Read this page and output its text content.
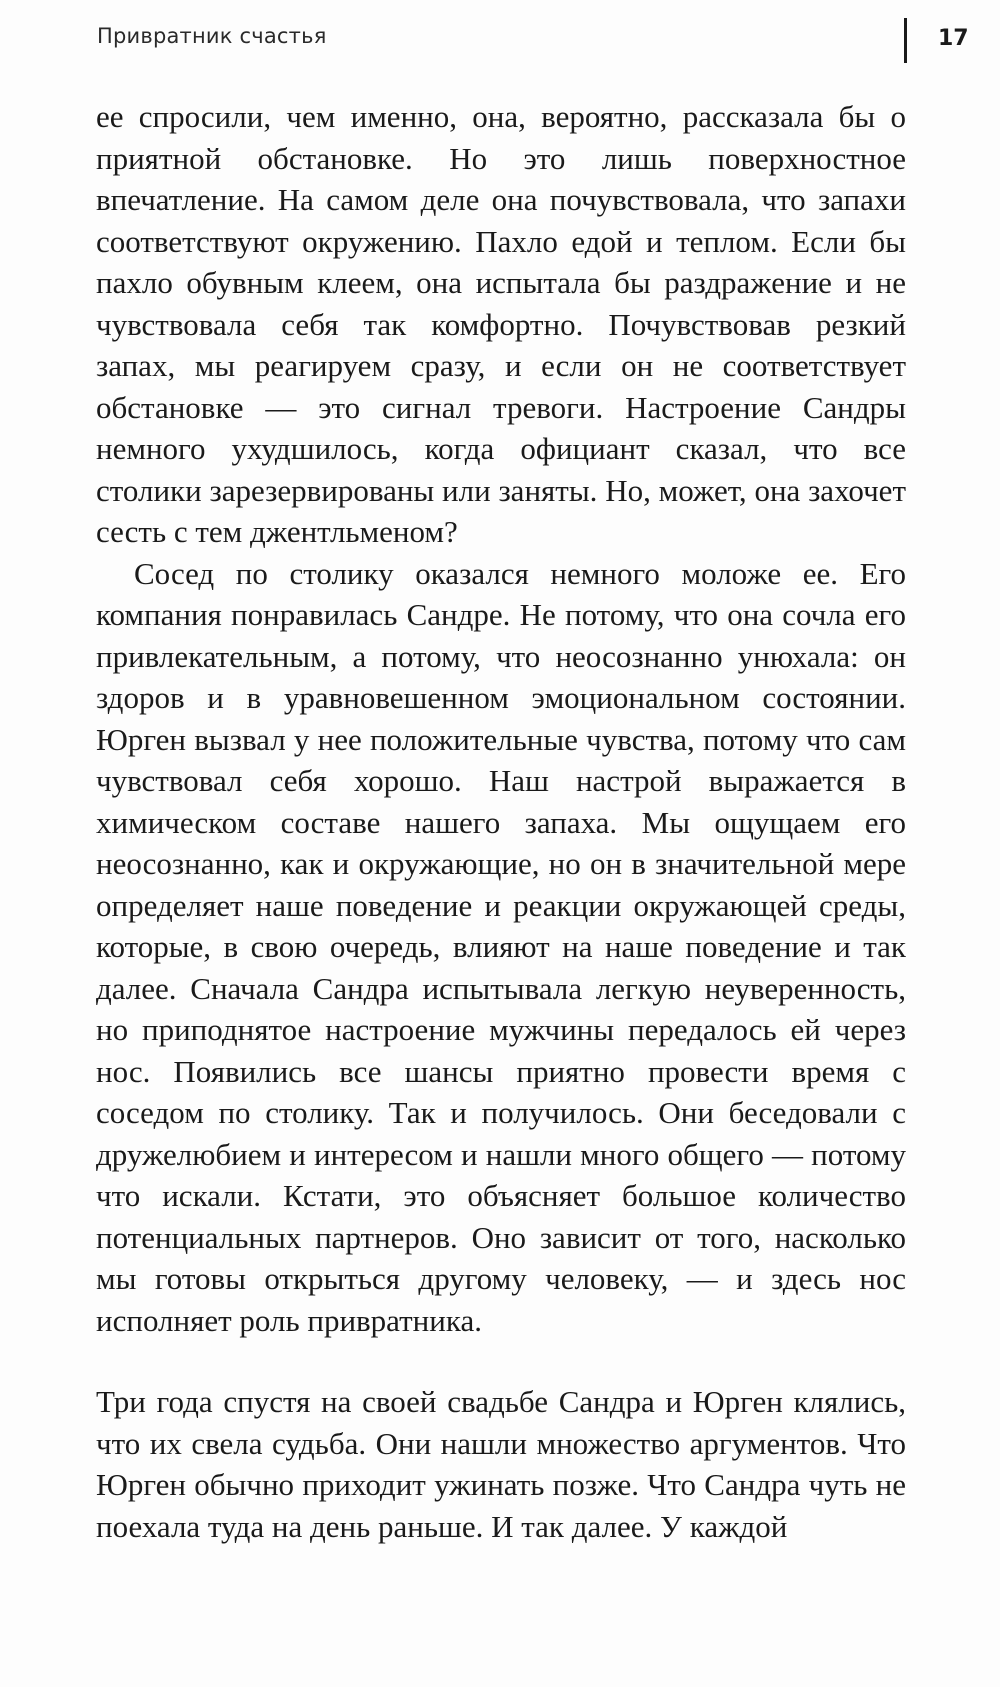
Привратник счастья	17

ее спросили, чем именно, она, вероятно, рассказала бы о приятной обстановке. Но это лишь поверхностное впечатление. На самом деле она почувствовала, что запахи соответствуют окружению. Пахло едой и теплом. Если бы пахло обувным клеем, она испытала бы раздражение и не чувствовала себя так комфортно. Почувствовав резкий запах, мы реагируем сразу, и если он не соответствует обстановке — это сигнал тревоги. Настроение Сандры немного ухудшилось, когда официант сказал, что все столики зарезервированы или заняты. Но, может, она захочет сесть с тем джентльменом?

Сосед по столику оказался немного моложе ее. Его компания понравилась Сандре. Не потому, что она сочла его привлекательным, а потому, что неосознанно унюхала: он здоров и в уравновешенном эмоциональном состоянии. Юрген вызвал у нее положительные чувства, потому что сам чувствовал себя хорошо. Наш настрой выражается в химическом составе нашего запаха. Мы ощущаем его неосознанно, как и окружающие, но он в значительной мере определяет наше поведение и реакции окружающей среды, которые, в свою очередь, влияют на наше поведение и так далее. Сначала Сандра испытывала легкую неуверенность, но приподнятое настроение мужчины передалось ей через нос. Появились все шансы приятно провести время с соседом по столику. Так и получилось. Они беседовали с дружелюбием и интересом и нашли много общего — потому что искали. Кстати, это объясняет большое количество потенциальных партнеров. Оно зависит от того, насколько мы готовы открыться другому человеку, — и здесь нос исполняет роль привратника.

Три года спустя на своей свадьбе Сандра и Юрген клялись, что их свела судьба. Они нашли множество аргументов. Что Юрген обычно приходит ужинать позже. Что Сандра чуть не поехала туда на день раньше. И так далее. У каждой
